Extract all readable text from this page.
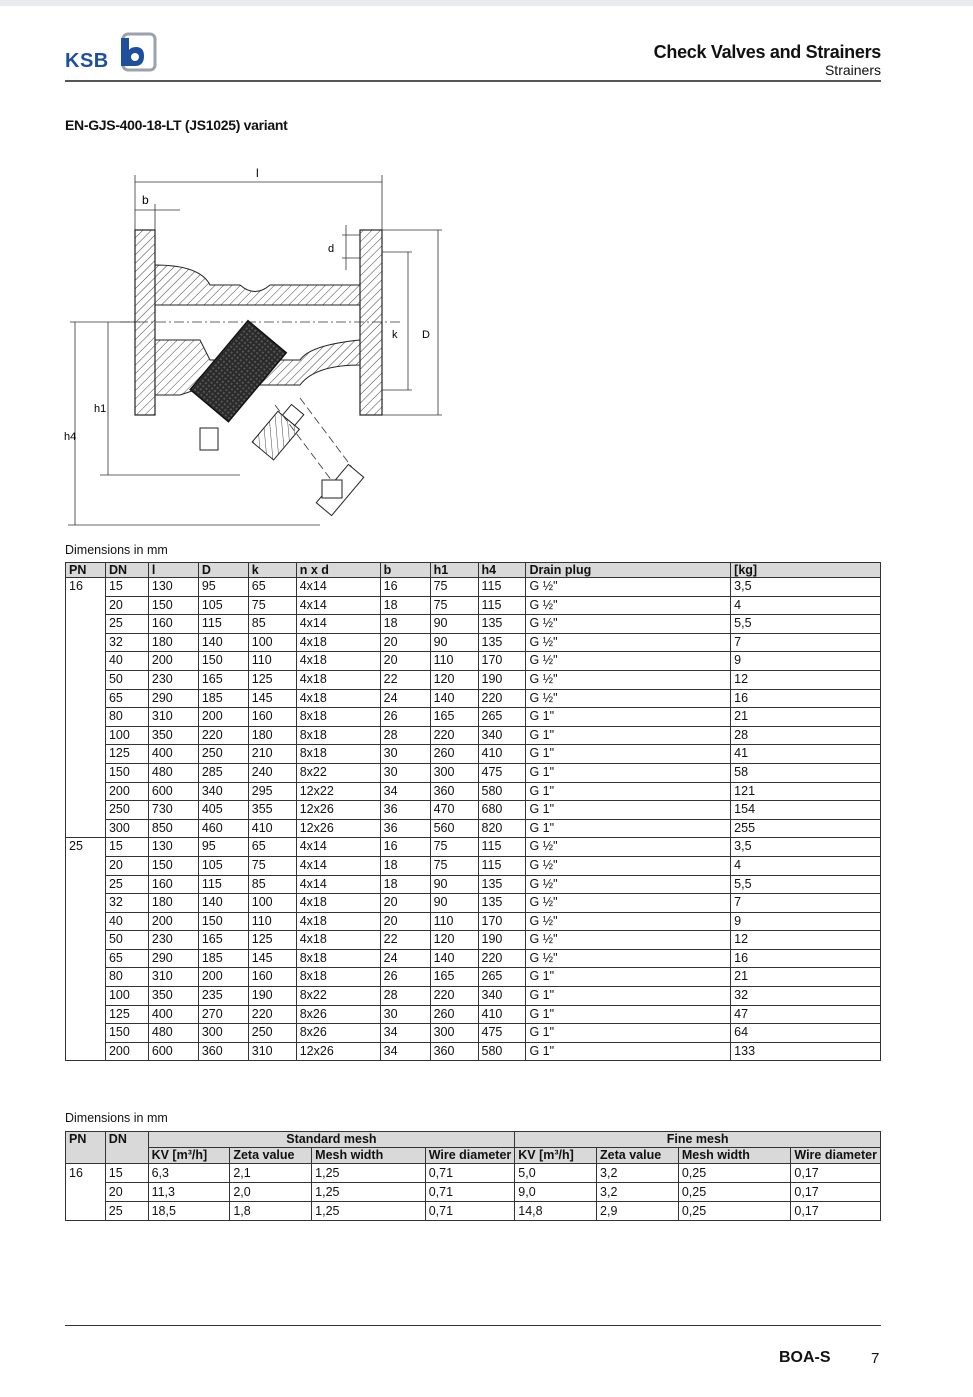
KSB	Check Valves and Strainers
Strainers
EN-GJS-400-18-LT (JS1025) variant
l
b
d
k D
h1
h4
Dimensions in mm
PN	DN	l	D	k	n x d	b	h1	h4	Drain plug	[kg]
16	15	130	95	65	4x14	16	75	115	G ½"	3,5
	20	150	105	75	4x14	18	75	115	G ½"	4
	25	160	115	85	4x14	18	90	135	G ½"	5,5
	32	180	140	100	4x18	20	90	135	G ½"	7
	40	200	150	110	4x18	20	110	170	G ½"	9
	50	230	165	125	4x18	22	120	190	G ½"	12
	65	290	185	145	4x18	24	140	220	G ½"	16
	80	310	200	160	8x18	26	165	265	G 1"	21
	100	350	220	180	8x18	28	220	340	G 1"	28
	125	400	250	210	8x18	30	260	410	G 1"	41
	150	480	285	240	8x22	30	300	475	G 1"	58
	200	600	340	295	12x22	34	360	580	G 1"	121
	250	730	405	355	12x26	36	470	680	G 1"	154
	300	850	460	410	12x26	36	560	820	G 1"	255
25	15	130	95	65	4x14	16	75	115	G ½"	3,5
	20	150	105	75	4x14	18	75	115	G ½"	4
	25	160	115	85	4x14	18	90	135	G ½"	5,5
	32	180	140	100	4x18	20	90	135	G ½"	7
	40	200	150	110	4x18	20	110	170	G ½"	9
	50	230	165	125	4x18	22	120	190	G ½"	12
	65	290	185	145	8x18	24	140	220	G ½"	16
	80	310	200	160	8x18	26	165	265	G 1"	21
	100	350	235	190	8x22	28	220	340	G 1"	32
	125	400	270	220	8x26	30	260	410	G 1"	47
	150	480	300	250	8x26	34	300	475	G 1"	64
	200	600	360	310	12x26	34	360	580	G 1"	133
Dimensions in mm
PN	DN	Standard mesh				Fine mesh			
		KV [m³/h]	Zeta value	Mesh width	Wire diameter	KV [m³/h]	Zeta value	Mesh width	Wire diameter
16	15	6,3	2,1	1,25	0,71	5,0	3,2	0,25	0,17
	20	11,3	2,0	1,25	0,71	9,0	3,2	0,25	0,17
	25	18,5	1,8	1,25	0,71	14,8	2,9	0,25	0,17
BOA-S	7
